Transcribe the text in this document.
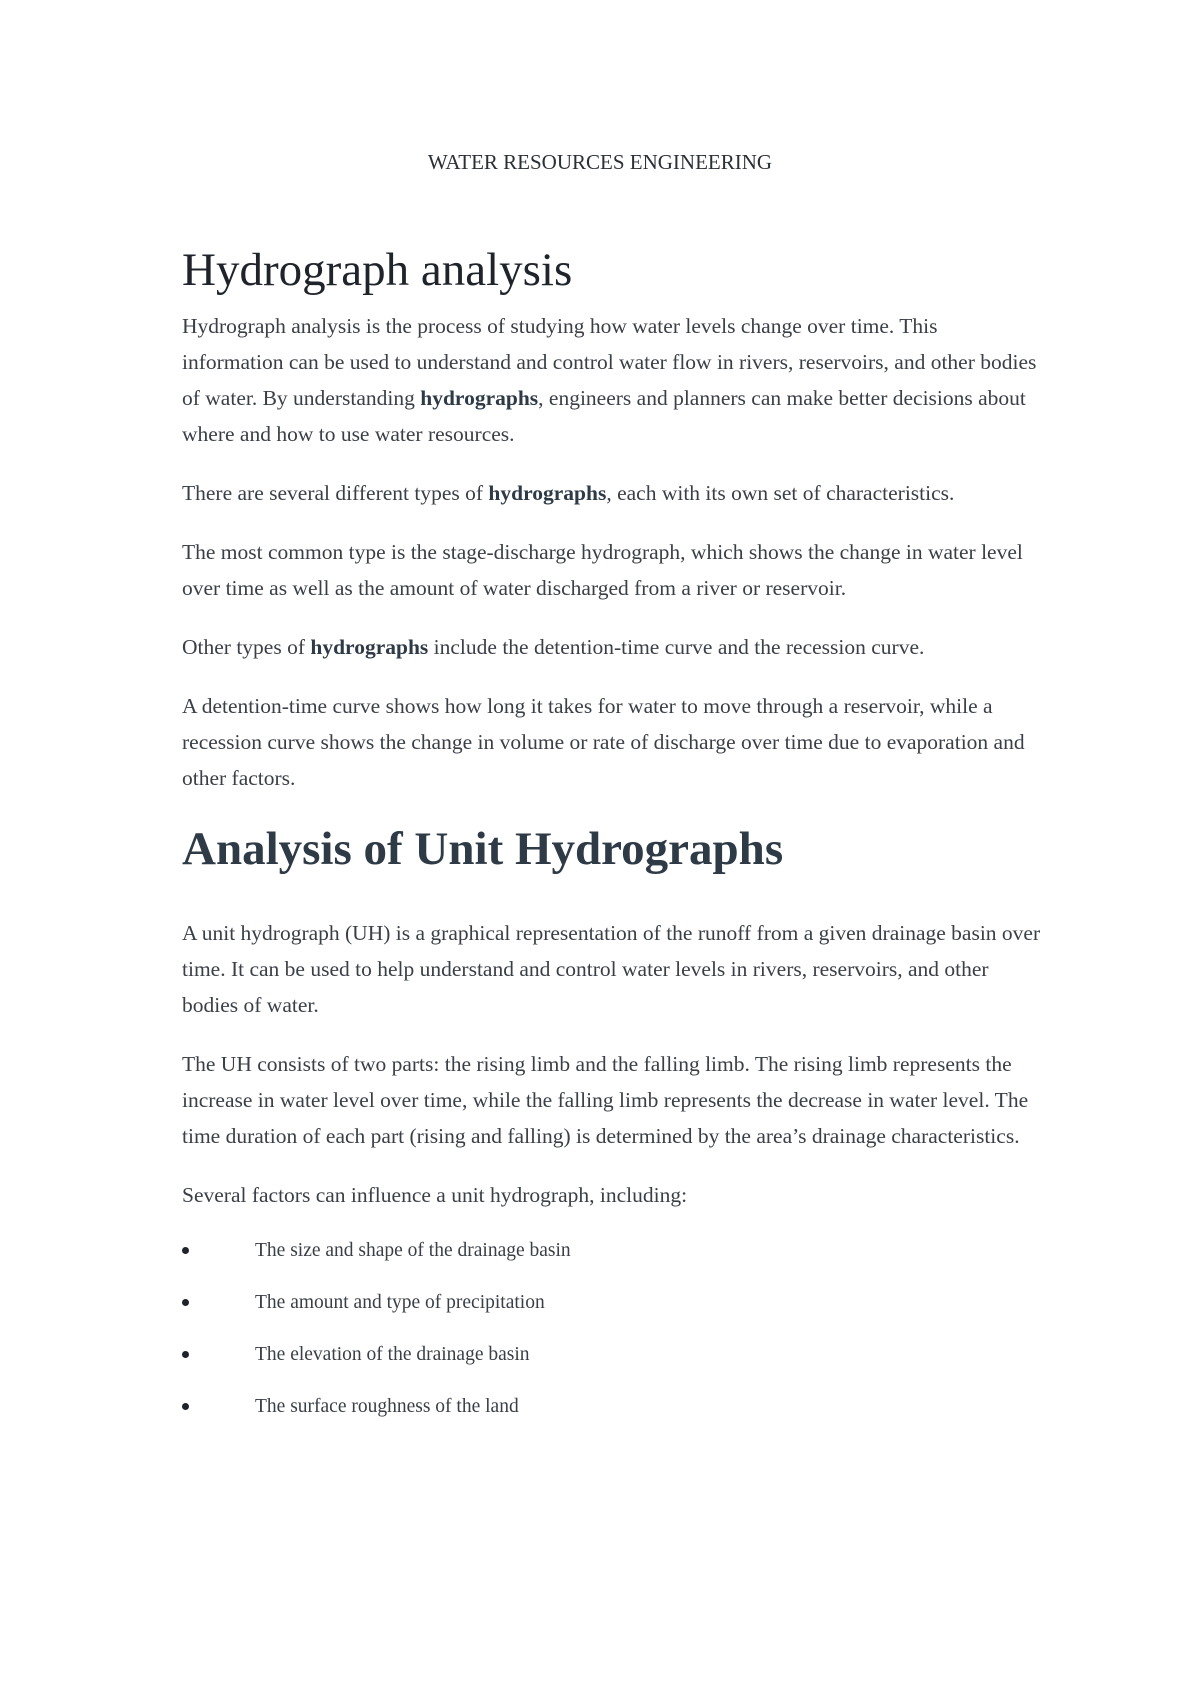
WATER RESOURCES ENGINEERING
Hydrograph analysis

Hydrograph analysis is the process of studying how water levels change over time. This information can be used to understand and control water flow in rivers, reservoirs, and other bodies of water. By understanding hydrographs, engineers and planners can make better decisions about where and how to use water resources.

There are several different types of hydrographs, each with its own set of characteristics.

The most common type is the stage-discharge hydrograph, which shows the change in water level over time as well as the amount of water discharged from a river or reservoir.

Other types of hydrographs include the detention-time curve and the recession curve.

A detention-time curve shows how long it takes for water to move through a reservoir, while a recession curve shows the change in volume or rate of discharge over time due to evaporation and other factors.

Analysis of Unit Hydrographs

A unit hydrograph (UH) is a graphical representation of the runoff from a given drainage basin over time. It can be used to help understand and control water levels in rivers, reservoirs, and other bodies of water.

The UH consists of two parts: the rising limb and the falling limb. The rising limb represents the increase in water level over time, while the falling limb represents the decrease in water level. The time duration of each part (rising and falling) is determined by the area’s drainage characteristics.

Several factors can influence a unit hydrograph, including:

The size and shape of the drainage basin
The amount and type of precipitation
The elevation of the drainage basin
The surface roughness of the land
